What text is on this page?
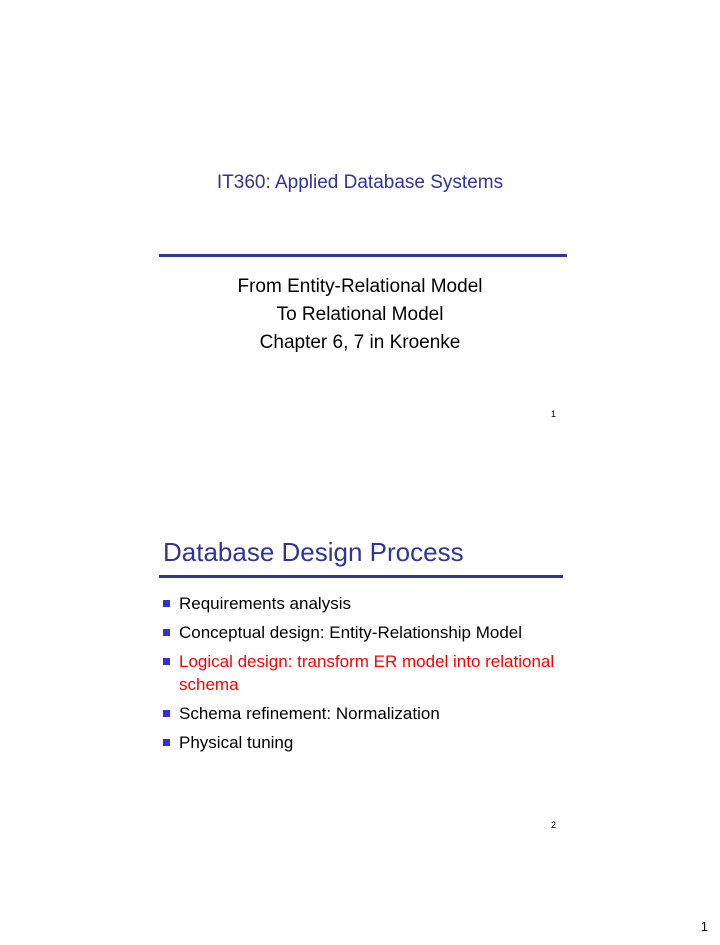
IT360: Applied Database Systems
From Entity-Relational Model
To Relational Model
Chapter 6, 7 in Kroenke
1
Database Design Process
Requirements analysis
Conceptual design: Entity-Relationship Model
Logical design: transform ER model into relational schema
Schema refinement: Normalization
Physical tuning
2
1
